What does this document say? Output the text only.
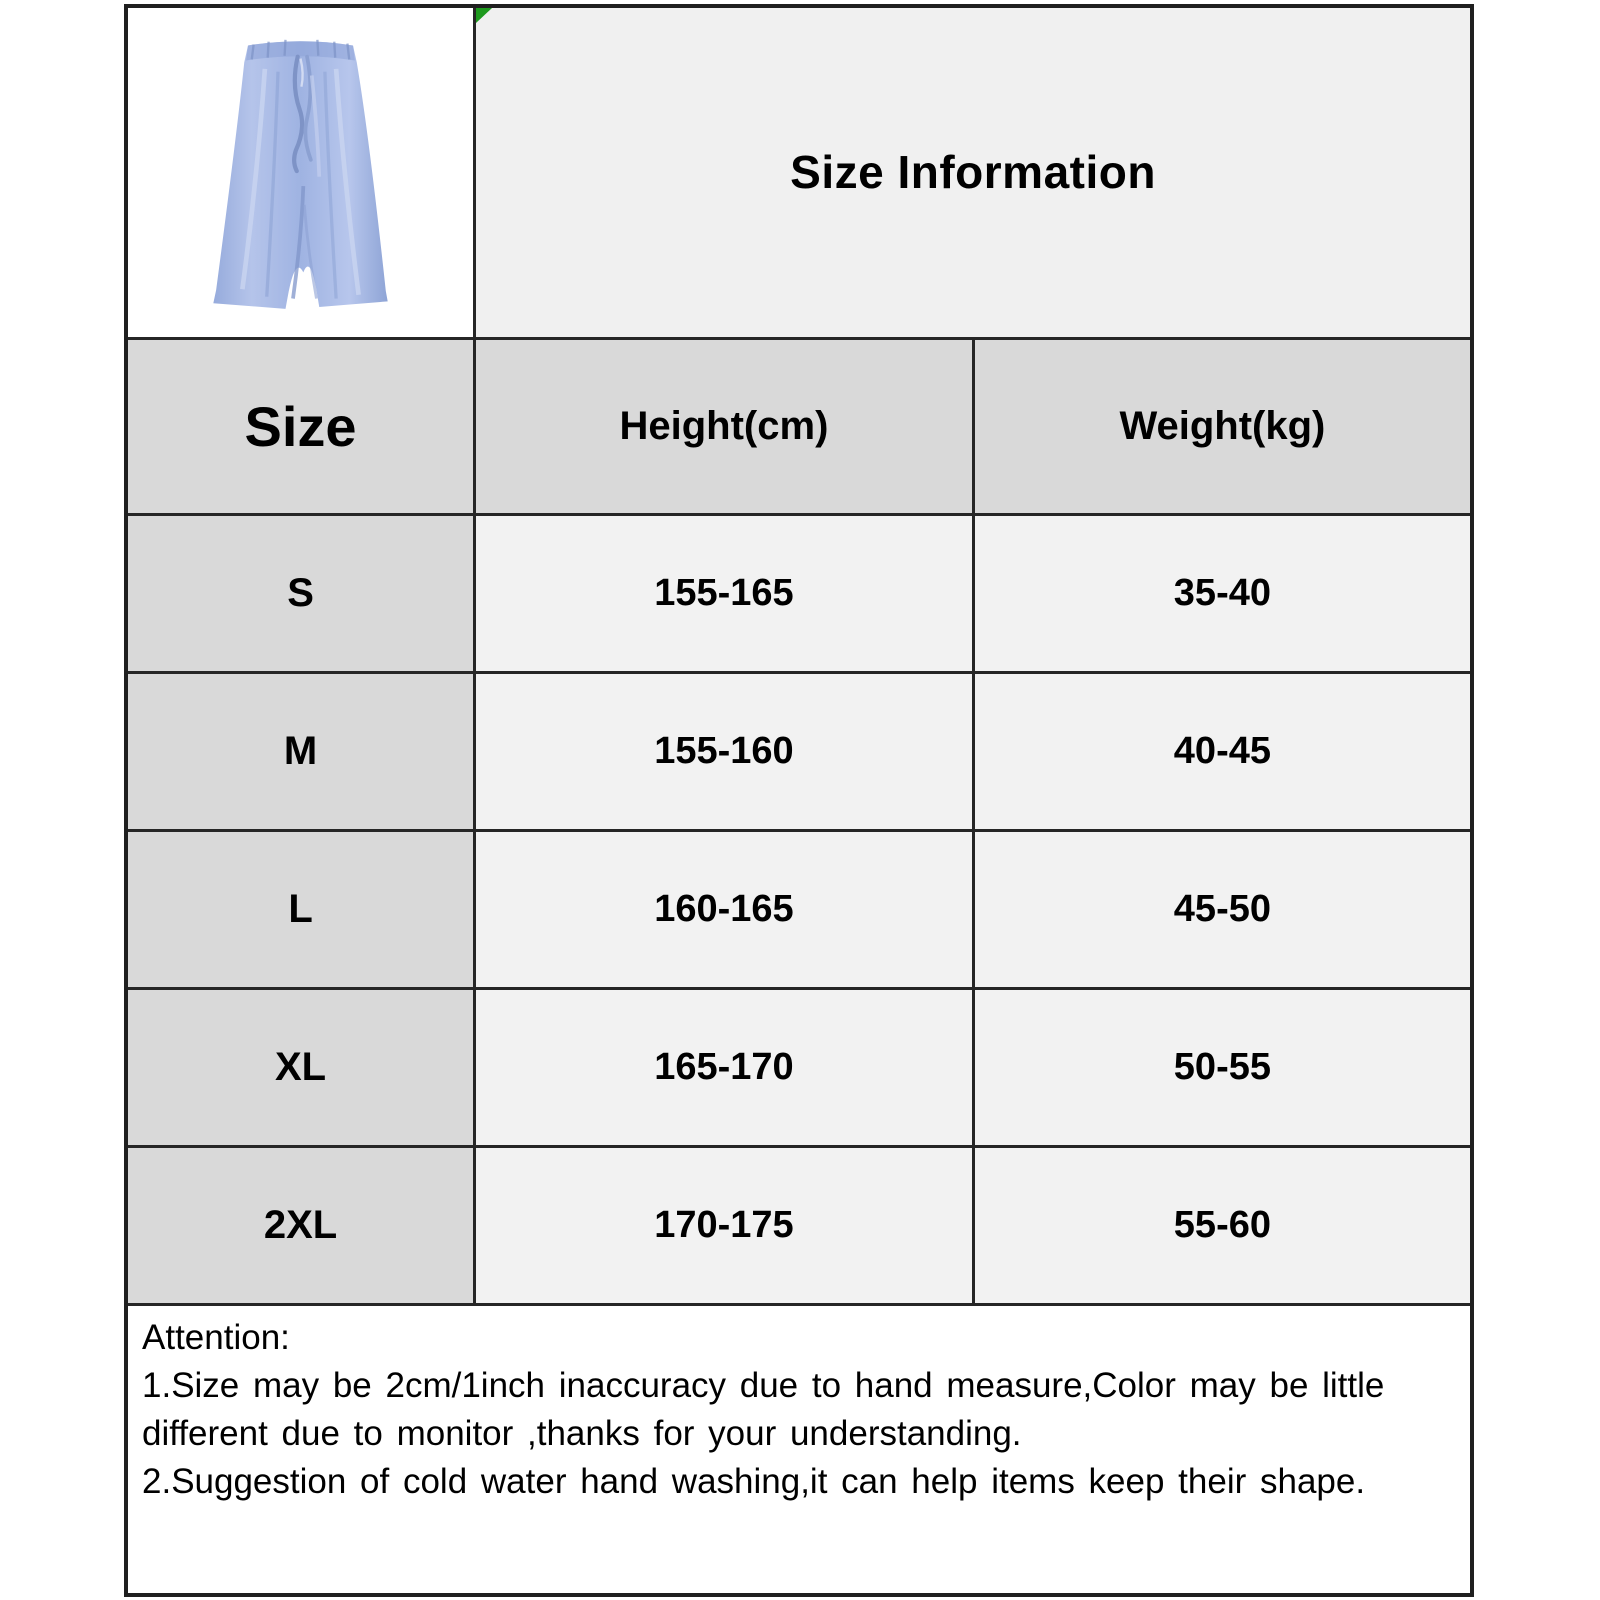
Size Information	
Size	Height(cm)	Weight(kg)
S	155-165	35-40
M	155-160	40-45
L	160-165	45-50
XL	165-170	50-55
2XL	170-175	55-60

Attention:
1.Size may be 2cm/1inch inaccuracy due to hand measure,Color may be little
different due to monitor ,thanks for your understanding.
2.Suggestion of cold water hand washing,it can help items keep their shape.		
